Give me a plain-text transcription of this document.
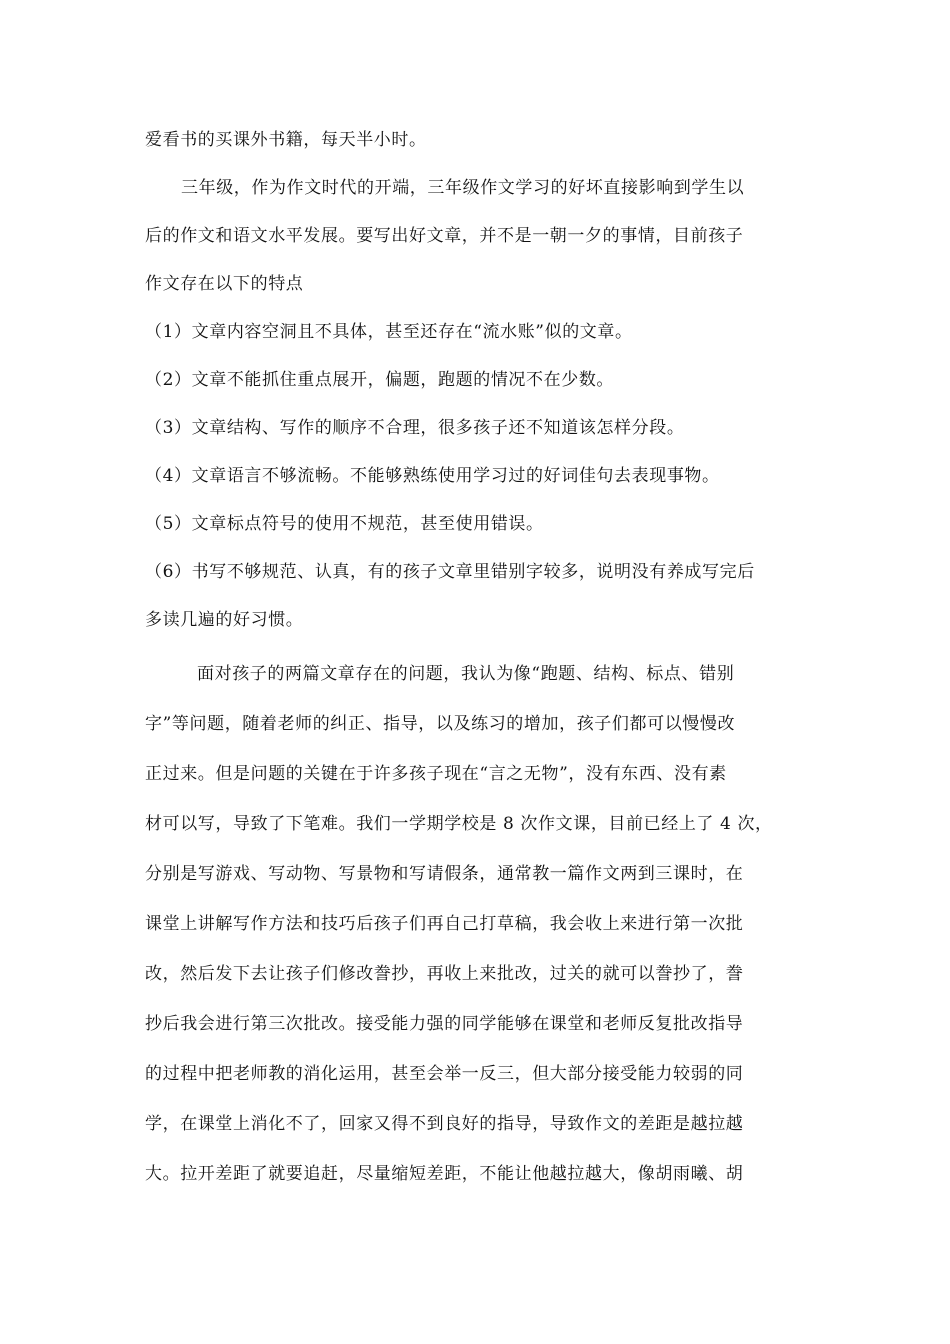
爱看书的买课外书籍，每天半小时。
三年级，作为作文时代的开端，三年级作文学习的好坏直接影响到学生以
后的作文和语文水平发展。要写出好文章，并不是一朝一夕的事情，目前孩子
作文存在以下的特点
（1）文章内容空洞且不具体，甚至还存在“流水账”似的文章。
（2）文章不能抓住重点展开，偏题，跑题的情况不在少数。
（3）文章结构、写作的顺序不合理，很多孩子还不知道该怎样分段。
（4）文章语言不够流畅。不能够熟练使用学习过的好词佳句去表现事物。
（5）文章标点符号的使用不规范，甚至使用错误。
（6）书写不够规范、认真，有的孩子文章里错别字较多，说明没有养成写完后
多读几遍的好习惯。
面对孩子的两篇文章存在的问题，我认为像“跑题、结构、标点、错别
字”等问题，随着老师的纠正、指导，以及练习的增加，孩子们都可以慢慢改
正过来。但是问题的关键在于许多孩子现在“言之无物”，没有东西、没有素
材可以写，导致了下笔难。我们一学期学校是 8 次作文课，目前已经上了 4 次，
分别是写游戏、写动物、写景物和写请假条，通常教一篇作文两到三课时，在
课堂上讲解写作方法和技巧后孩子们再自己打草稿，我会收上来进行第一次批
改，然后发下去让孩子们修改誊抄，再收上来批改，过关的就可以誊抄了，誊
抄后我会进行第三次批改。接受能力强的同学能够在课堂和老师反复批改指导
的过程中把老师教的消化运用，甚至会举一反三，但大部分接受能力较弱的同
学，在课堂上消化不了，回家又得不到良好的指导，导致作文的差距是越拉越
大。拉开差距了就要追赶，尽量缩短差距，不能让他越拉越大，像胡雨曦、胡
